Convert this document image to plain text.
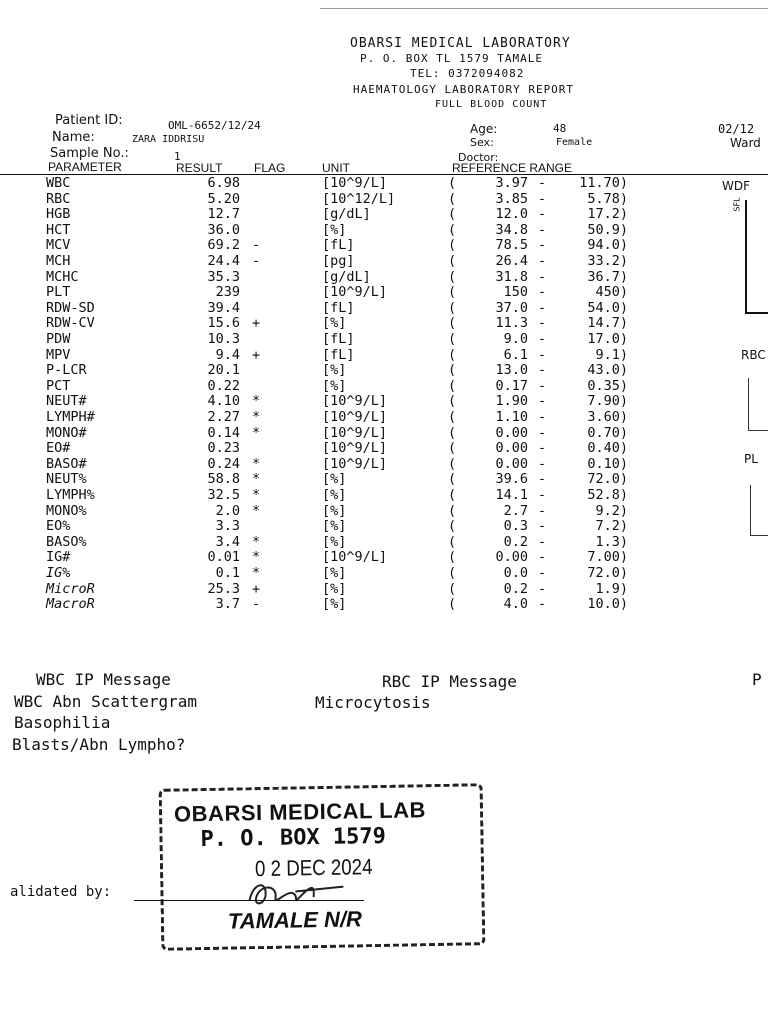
OBARSI MEDICAL LABORATORY
P. O. BOX TL 1579 TAMALE
TEL: 0372094082
HAEMATOLOGY LABORATORY REPORT
FULL BLOOD COUNT
Patient ID:	OML-6652/12/24
Name:	ZARA IDDRISU
Sample No.:	1
Age:	48
Sex:	Female
Doctor:
02/12
Ward
PARAMETER	RESULT	FLAG	UNIT	REFERENCE RANGE
WBC	6.98	[10^9/L]	(	3.97 -	11.70)
RBC	5.20	[10^12/L]	(	3.85 -	5.78)
HGB	12.7	[g/dL]	(	12.0 -	17.2)
HCT	36.0	[%]	(	34.8 -	50.9)
MCV	69.2 -	[fL]	(	78.5 -	94.0)
MCH	24.4 -	[pg]	(	26.4 -	33.2)
MCHC	35.3	[g/dL]	(	31.8 -	36.7)
PLT	239	[10^9/L]	(	150 -	450)
RDW-SD	39.4	[fL]	(	37.0 -	54.0)
RDW-CV	15.6 +	[%]	(	11.3 -	14.7)
PDW	10.3	[fL]	(	9.0 -	17.0)
MPV	9.4 +	[fL]	(	6.1 -	9.1)
P-LCR	20.1	[%]	(	13.0 -	43.0)
PCT	0.22	[%]	(	0.17 -	0.35)
NEUT#	4.10 *	[10^9/L]	(	1.90 -	7.90)
LYMPH#	2.27 *	[10^9/L]	(	1.10 -	3.60)
MONO#	0.14 *	[10^9/L]	(	0.00 -	0.70)
EO#	0.23	[10^9/L]	(	0.00 -	0.40)
BASO#	0.24 *	[10^9/L]	(	0.00 -	0.10)
NEUT%	58.8 *	[%]	(	39.6 -	72.0)
LYMPH%	32.5 *	[%]	(	14.1 -	52.8)
MONO%	2.0 *	[%]	(	2.7 -	9.2)
EO%	3.3	[%]	(	0.3 -	7.2)
BASO%	3.4 *	[%]	(	0.2 -	1.3)
IG#	0.01 *	[10^9/L]	(	0.00 -	7.00)
IG%	0.1 *	[%]	(	0.0 -	72.0)
MicroR	25.3 +	[%]	(	0.2 -	1.9)
MacroR	3.7 -	[%]	(	4.0 -	10.0)
WDF
SFL
RBC
PL
WBC IP Message
WBC Abn Scattergram
Basophilia
Blasts/Abn Lympho?
RBC IP Message
Microcytosis
P
OBARSI MEDICAL LAB
P. O. BOX 1579
0 2 DEC 2024
TAMALE N/R
alidated by:
